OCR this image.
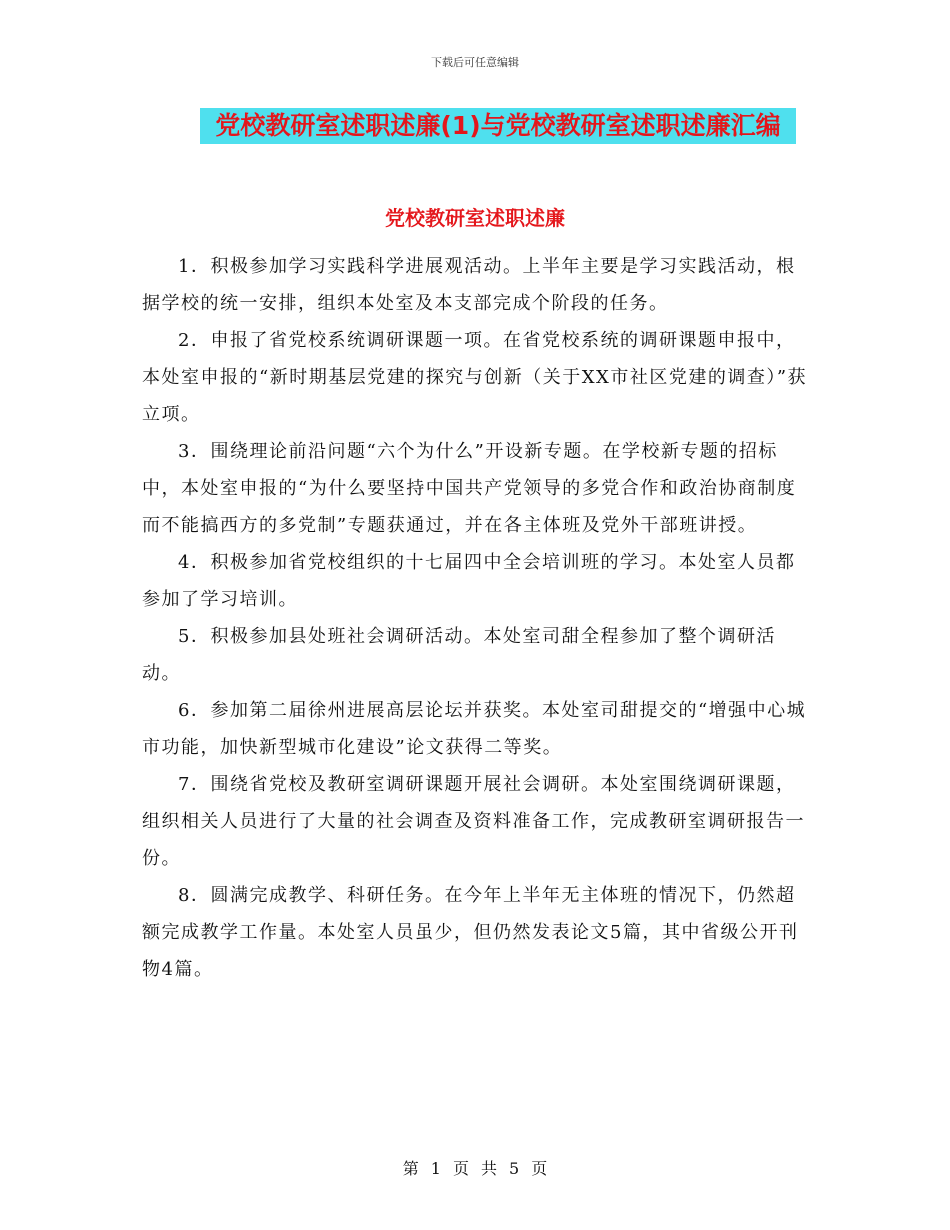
下载后可任意编辑
党校教研室述职述廉(1)与党校教研室述职述廉汇编
党校教研室述职述廉

1．积极参加学习实践科学进展观活动。上半年主要是学习实践活动，根据学校的统一安排，组织本处室及本支部完成个阶段的任务。

2．申报了省党校系统调研课题一项。在省党校系统的调研课题申报中，本处室申报的“新时期基层党建的探究与创新（关于XX市社区党建的调查）”获立项。

3．围绕理论前沿问题“六个为什么”开设新专题。在学校新专题的招标中，本处室申报的“为什么要坚持中国共产党领导的多党合作和政治协商制度而不能搞西方的多党制”专题获通过，并在各主体班及党外干部班讲授。

4．积极参加省党校组织的十七届四中全会培训班的学习。本处室人员都参加了学习培训。

5．积极参加县处班社会调研活动。本处室司甜全程参加了整个调研活动。

6．参加第二届徐州进展高层论坛并获奖。本处室司甜提交的“增强中心城市功能，加快新型城市化建设”论文获得二等奖。

7．围绕省党校及教研室调研课题开展社会调研。本处室围绕调研课题，组织相关人员进行了大量的社会调查及资料准备工作，完成教研室调研报告一份。

8．圆满完成教学、科研任务。在今年上半年无主体班的情况下，仍然超额完成教学工作量。本处室人员虽少，但仍然发表论文5篇，其中省级公开刊物4篇。

第 1 页 共 5 页
